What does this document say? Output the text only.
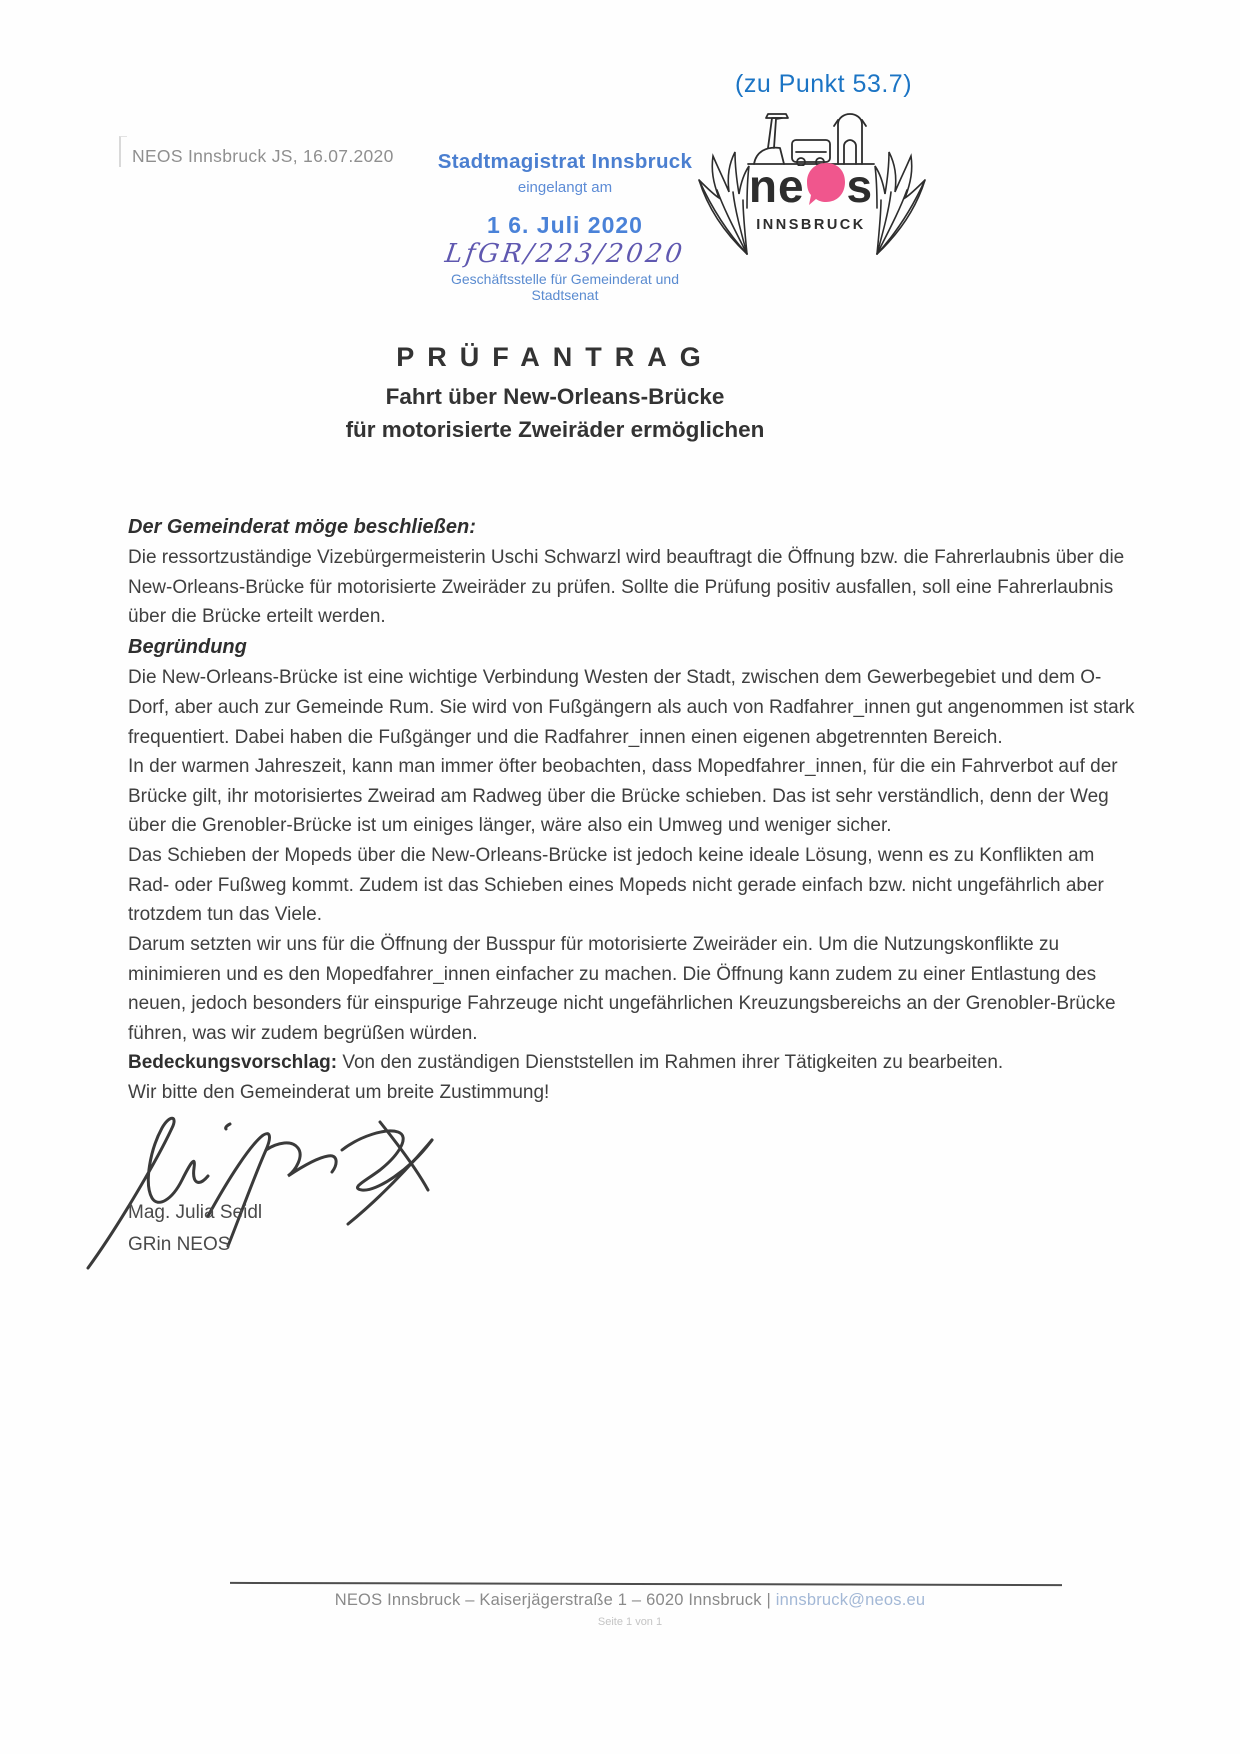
(zu Punkt 53.7)
NEOS Innsbruck JS, 16.07.2020	Stadtmagistrat Innsbruck
eingelangt am
1 6. Juli 2020
LfGR/223/2020
Geschäftsstelle für Gemeinderat und Stadtsenat
ne s
INNSBRUCK
PRÜFANTRAG
Fahrt über New-Orleans-Brücke
für motorisierte Zweiräder ermöglichen

Der Gemeinderat möge beschließen:

Die ressortzuständige Vizebürgermeisterin Uschi Schwarzl wird beauftragt die Öffnung bzw. die Fahrerlaubnis über die New-Orleans-Brücke für motorisierte Zweiräder zu prüfen. Sollte die Prüfung positiv ausfallen, soll eine Fahrerlaubnis über die Brücke erteilt werden.

Begründung

Die New-Orleans-Brücke ist eine wichtige Verbindung Westen der Stadt, zwischen dem Gewerbegebiet und dem O-Dorf, aber auch zur Gemeinde Rum. Sie wird von Fußgängern als auch von Radfahrer_innen gut angenommen ist stark frequentiert. Dabei haben die Fußgänger und die Radfahrer_innen einen eigenen abgetrennten Bereich.

In der warmen Jahreszeit, kann man immer öfter beobachten, dass Mopedfahrer_innen, für die ein Fahrverbot auf der Brücke gilt, ihr motorisiertes Zweirad am Radweg über die Brücke schieben. Das ist sehr verständlich, denn der Weg über die Grenobler-Brücke ist um einiges länger, wäre also ein Umweg und weniger sicher.

Das Schieben der Mopeds über die New-Orleans-Brücke ist jedoch keine ideale Lösung, wenn es zu Konflikten am Rad- oder Fußweg kommt. Zudem ist das Schieben eines Mopeds nicht gerade einfach bzw. nicht ungefährlich aber trotzdem tun das Viele.

Darum setzten wir uns für die Öffnung der Busspur für motorisierte Zweiräder ein. Um die Nutzungskonflikte zu minimieren und es den Mopedfahrer_innen einfacher zu machen. Die Öffnung kann zudem zu einer Entlastung des neuen, jedoch besonders für einspurige Fahrzeuge nicht ungefährlichen Kreuzungsbereichs an der Grenobler-Brücke führen, was wir zudem begrüßen würden.

Bedeckungsvorschlag: Von den zuständigen Dienststellen im Rahmen ihrer Tätigkeiten zu bearbeiten.

Wir bitte den Gemeinderat um breite Zustimmung!

Mag. Julia Seidl
GRin NEOS
NEOS Innsbruck – Kaiserjägerstraße 1 – 6020 Innsbruck | innsbruck@neos.eu
Seite 1 von 1
